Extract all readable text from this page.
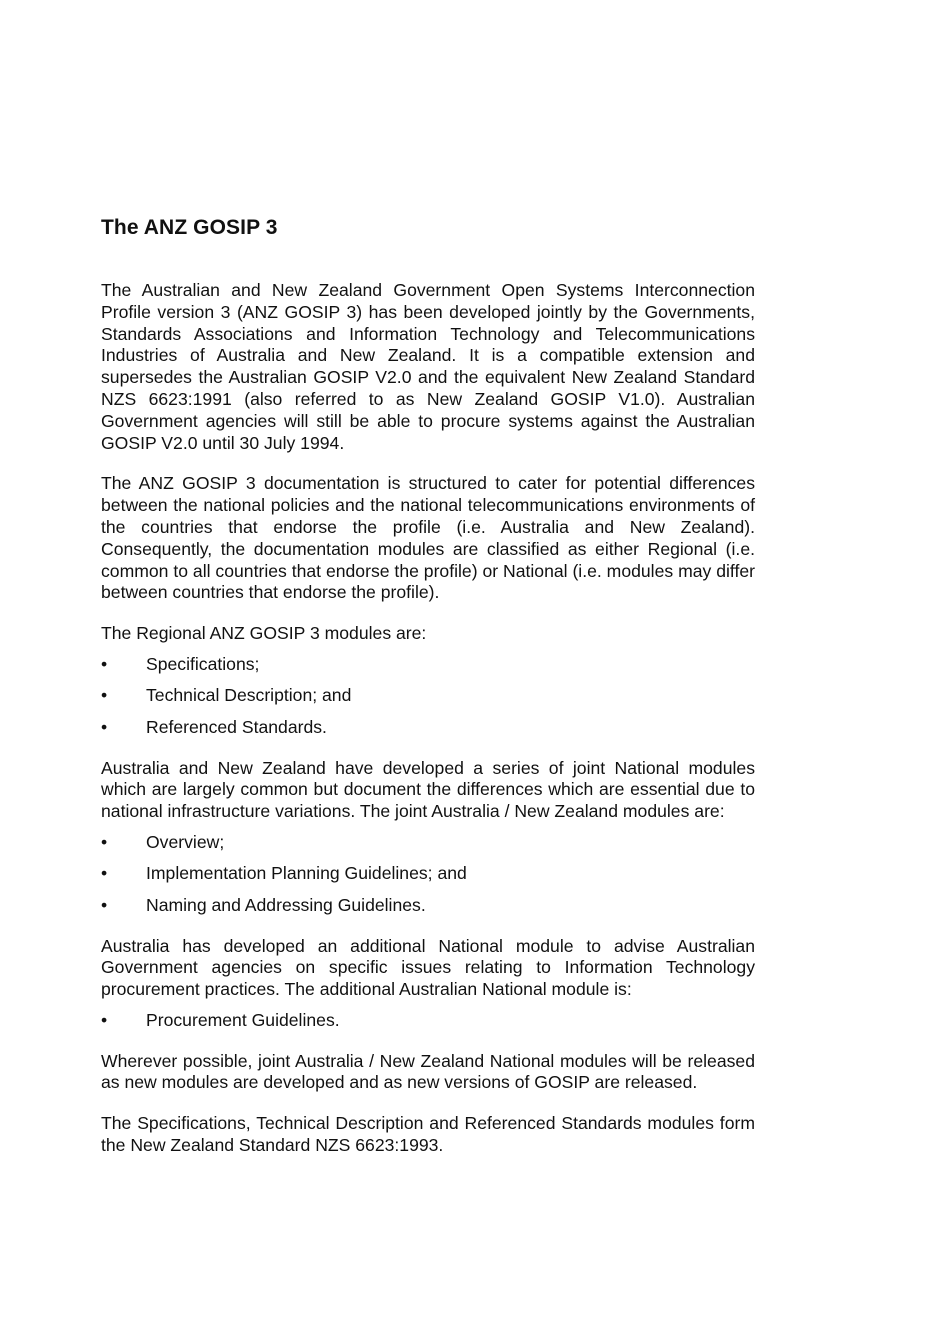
The ANZ GOSIP 3

The Australian and New Zealand Government Open Systems Interconnection Profile version 3 (ANZ GOSIP 3) has been developed jointly by the Governments, Standards Associations and Information Technology and Telecommunications Industries of Australia and New Zealand. It is a compatible extension and supersedes the Australian GOSIP V2.0 and the equivalent New Zealand Standard NZS 6623:1991 (also referred to as New Zealand GOSIP V1.0). Australian Government agencies will still be able to procure systems against the Australian GOSIP V2.0 until 30 July 1994.

The ANZ GOSIP 3 documentation is structured to cater for potential differences between the national policies and the national telecommunications environments of the countries that endorse the profile (i.e. Australia and New Zealand). Consequently, the documentation modules are classified as either Regional (i.e. common to all countries that endorse the profile) or National (i.e. modules may differ between countries that endorse the profile).

The Regional ANZ GOSIP 3 modules are:

•	Specifications;
•	Technical Description; and
•	Referenced Standards.

Australia and New Zealand have developed a series of joint National modules which are largely common but document the differences which are essential due to national infrastructure variations. The joint Australia / New Zealand modules are:

•	Overview;
•	Implementation Planning Guidelines; and
•	Naming and Addressing Guidelines.

Australia has developed an additional National module to advise Australian Government agencies on specific issues relating to Information Technology procurement practices. The additional Australian National module is:

•	Procurement Guidelines.

Wherever possible, joint Australia / New Zealand National modules will be released as new modules are developed and as new versions of GOSIP are released.

The Specifications, Technical Description and Referenced Standards modules form the New Zealand Standard NZS 6623:1993.
